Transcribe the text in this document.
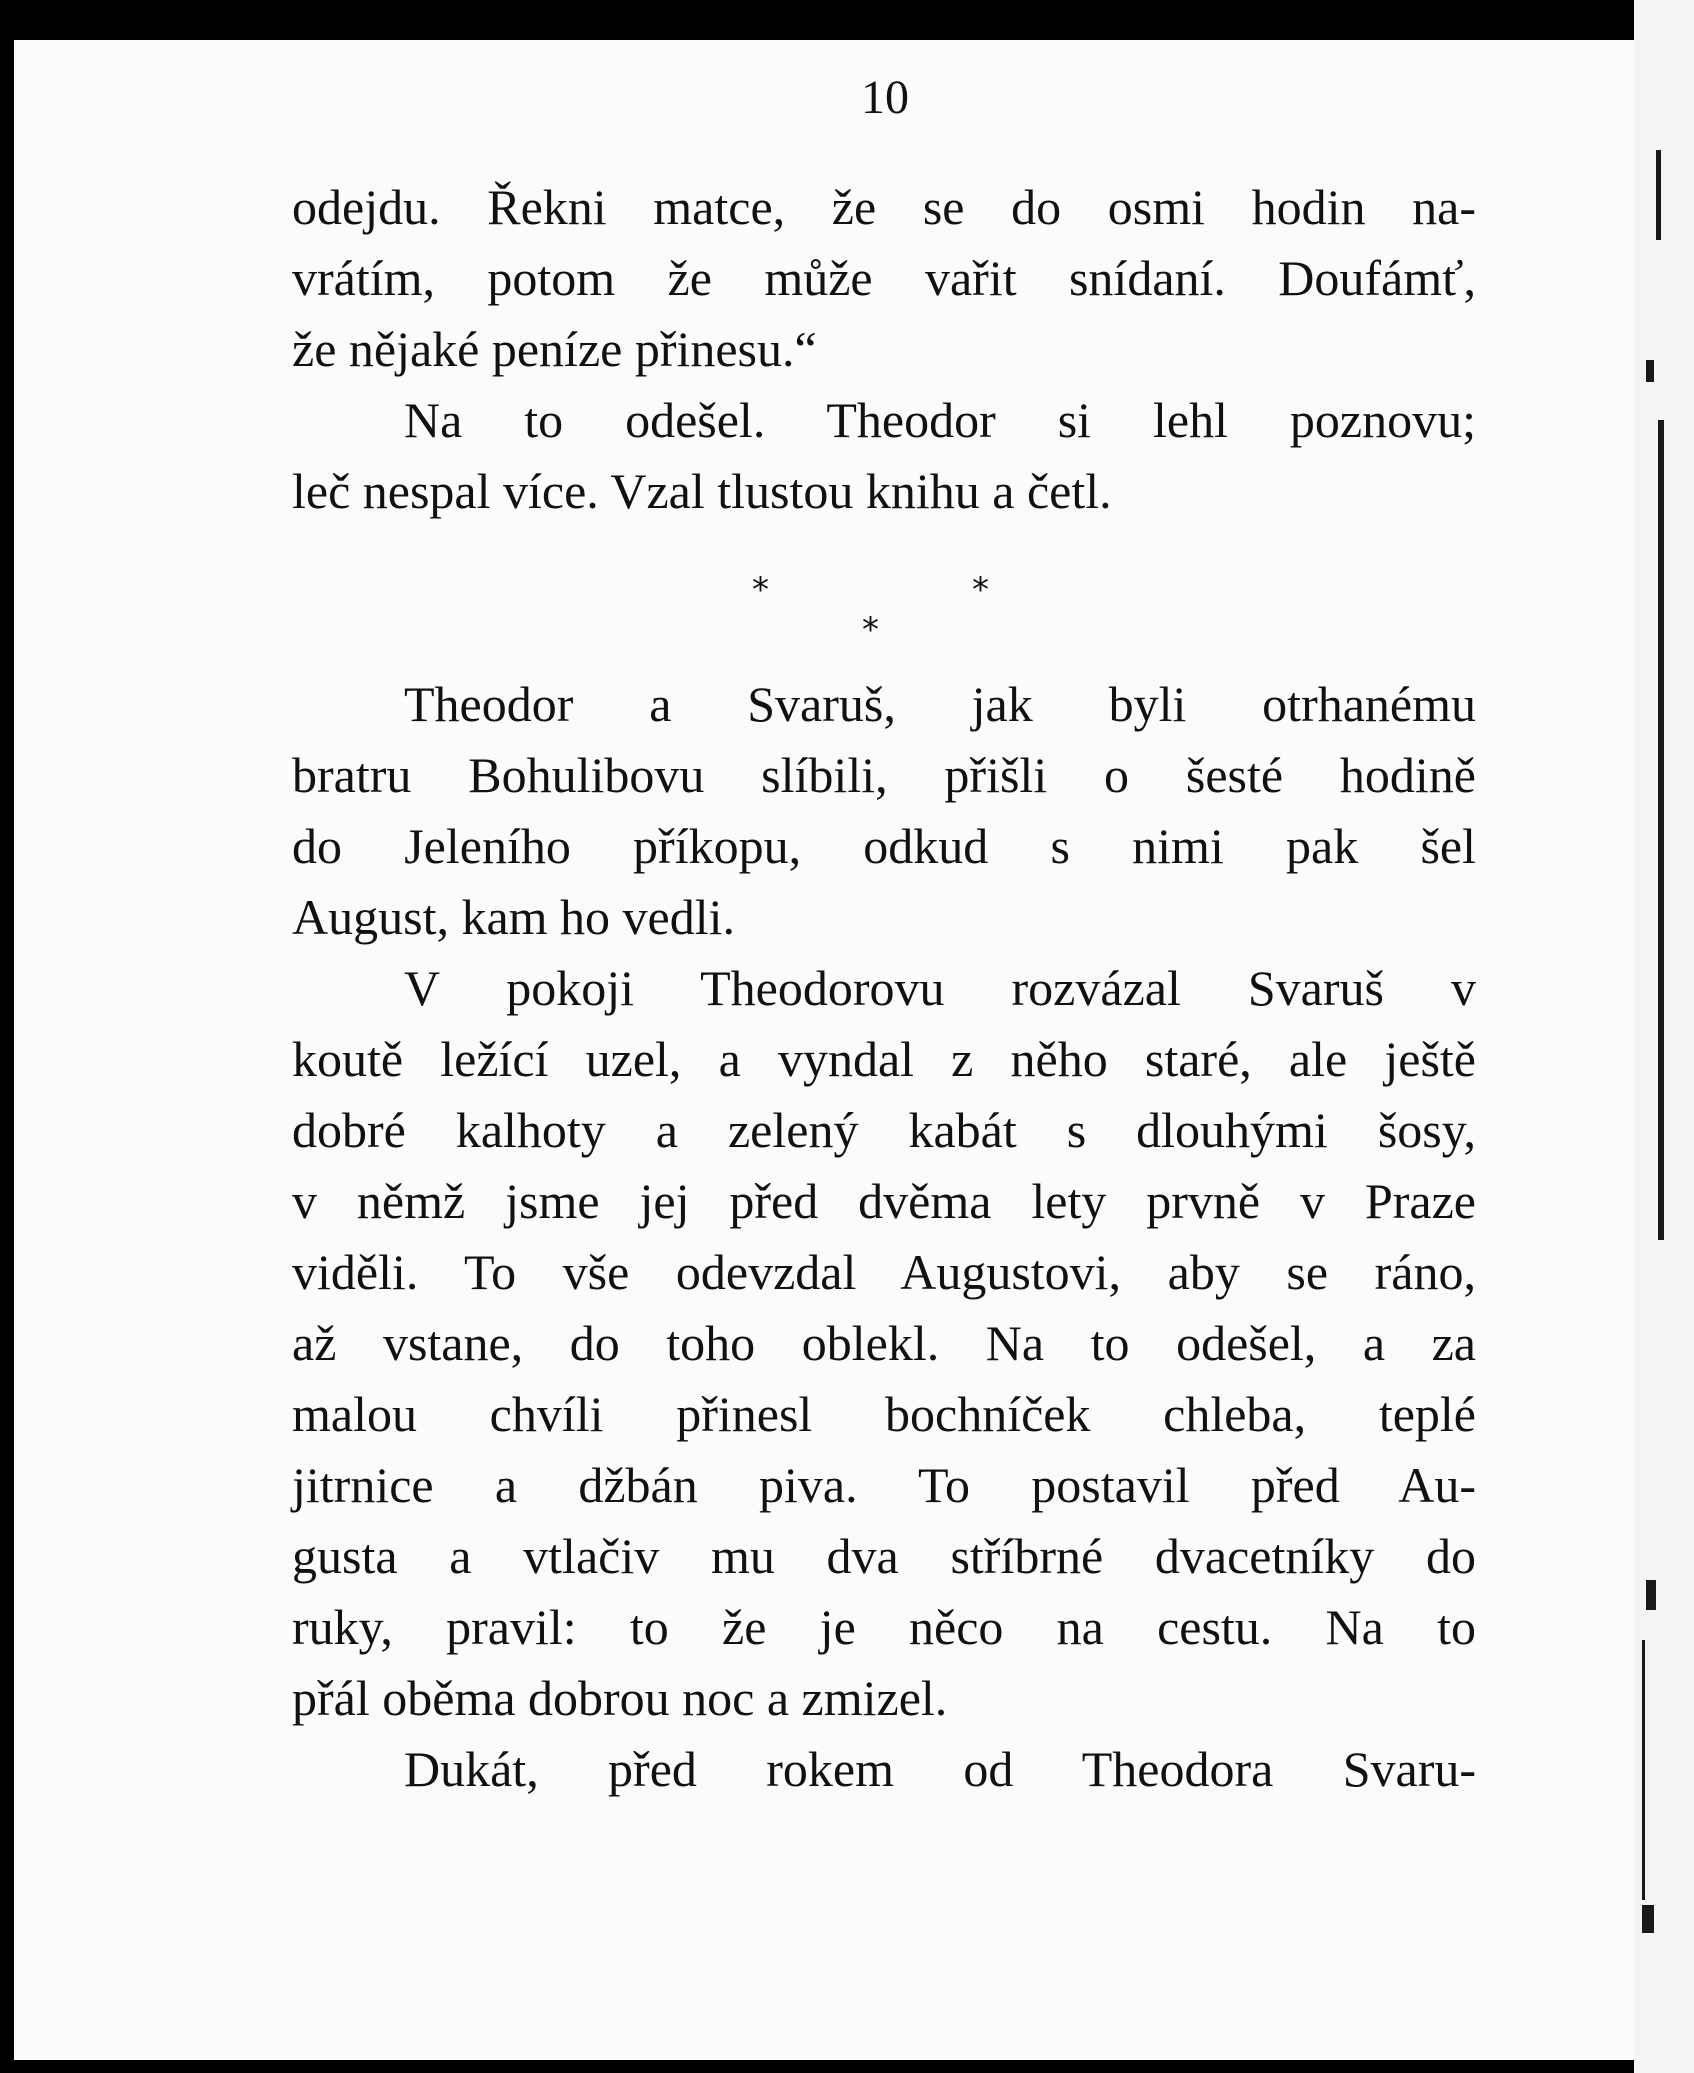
10

odejdu. Řekni matce, že se do osmi hodin na-
vrátím, potom že může vařit snídaní. Doufámť,
že nějaké peníze přinesu.“

Na to odešel. Theodor si lehl poznovu;
leč nespal více. Vzal tlustou knihu a četl.

*	*
*

Theodor a Svaruš, jak byli otrhanému
bratru Bohulibovu slíbili, přišli o šesté hodině
do Jeleního příkopu, odkud s nimi pak šel
August, kam ho vedli.

V pokoji Theodorovu rozvázal Svaruš v
koutě ležící uzel, a vyndal z něho staré, ale ještě
dobré kalhoty a zelený kabát s dlouhými šosy,
v němž jsme jej před dvěma lety prvně v Praze
viděli. To vše odevzdal Augustovi, aby se ráno,
až vstane, do toho oblekl. Na to odešel, a za
malou chvíli přinesl bochníček chleba, teplé
jitrnice a džbán piva. To postavil před Au-
gusta a vtlačiv mu dva stříbrné dvacetníky do
ruky, pravil: to že je něco na cestu. Na to
přál oběma dobrou noc a zmizel.

Dukát, před rokem od Theodora Svaru-
